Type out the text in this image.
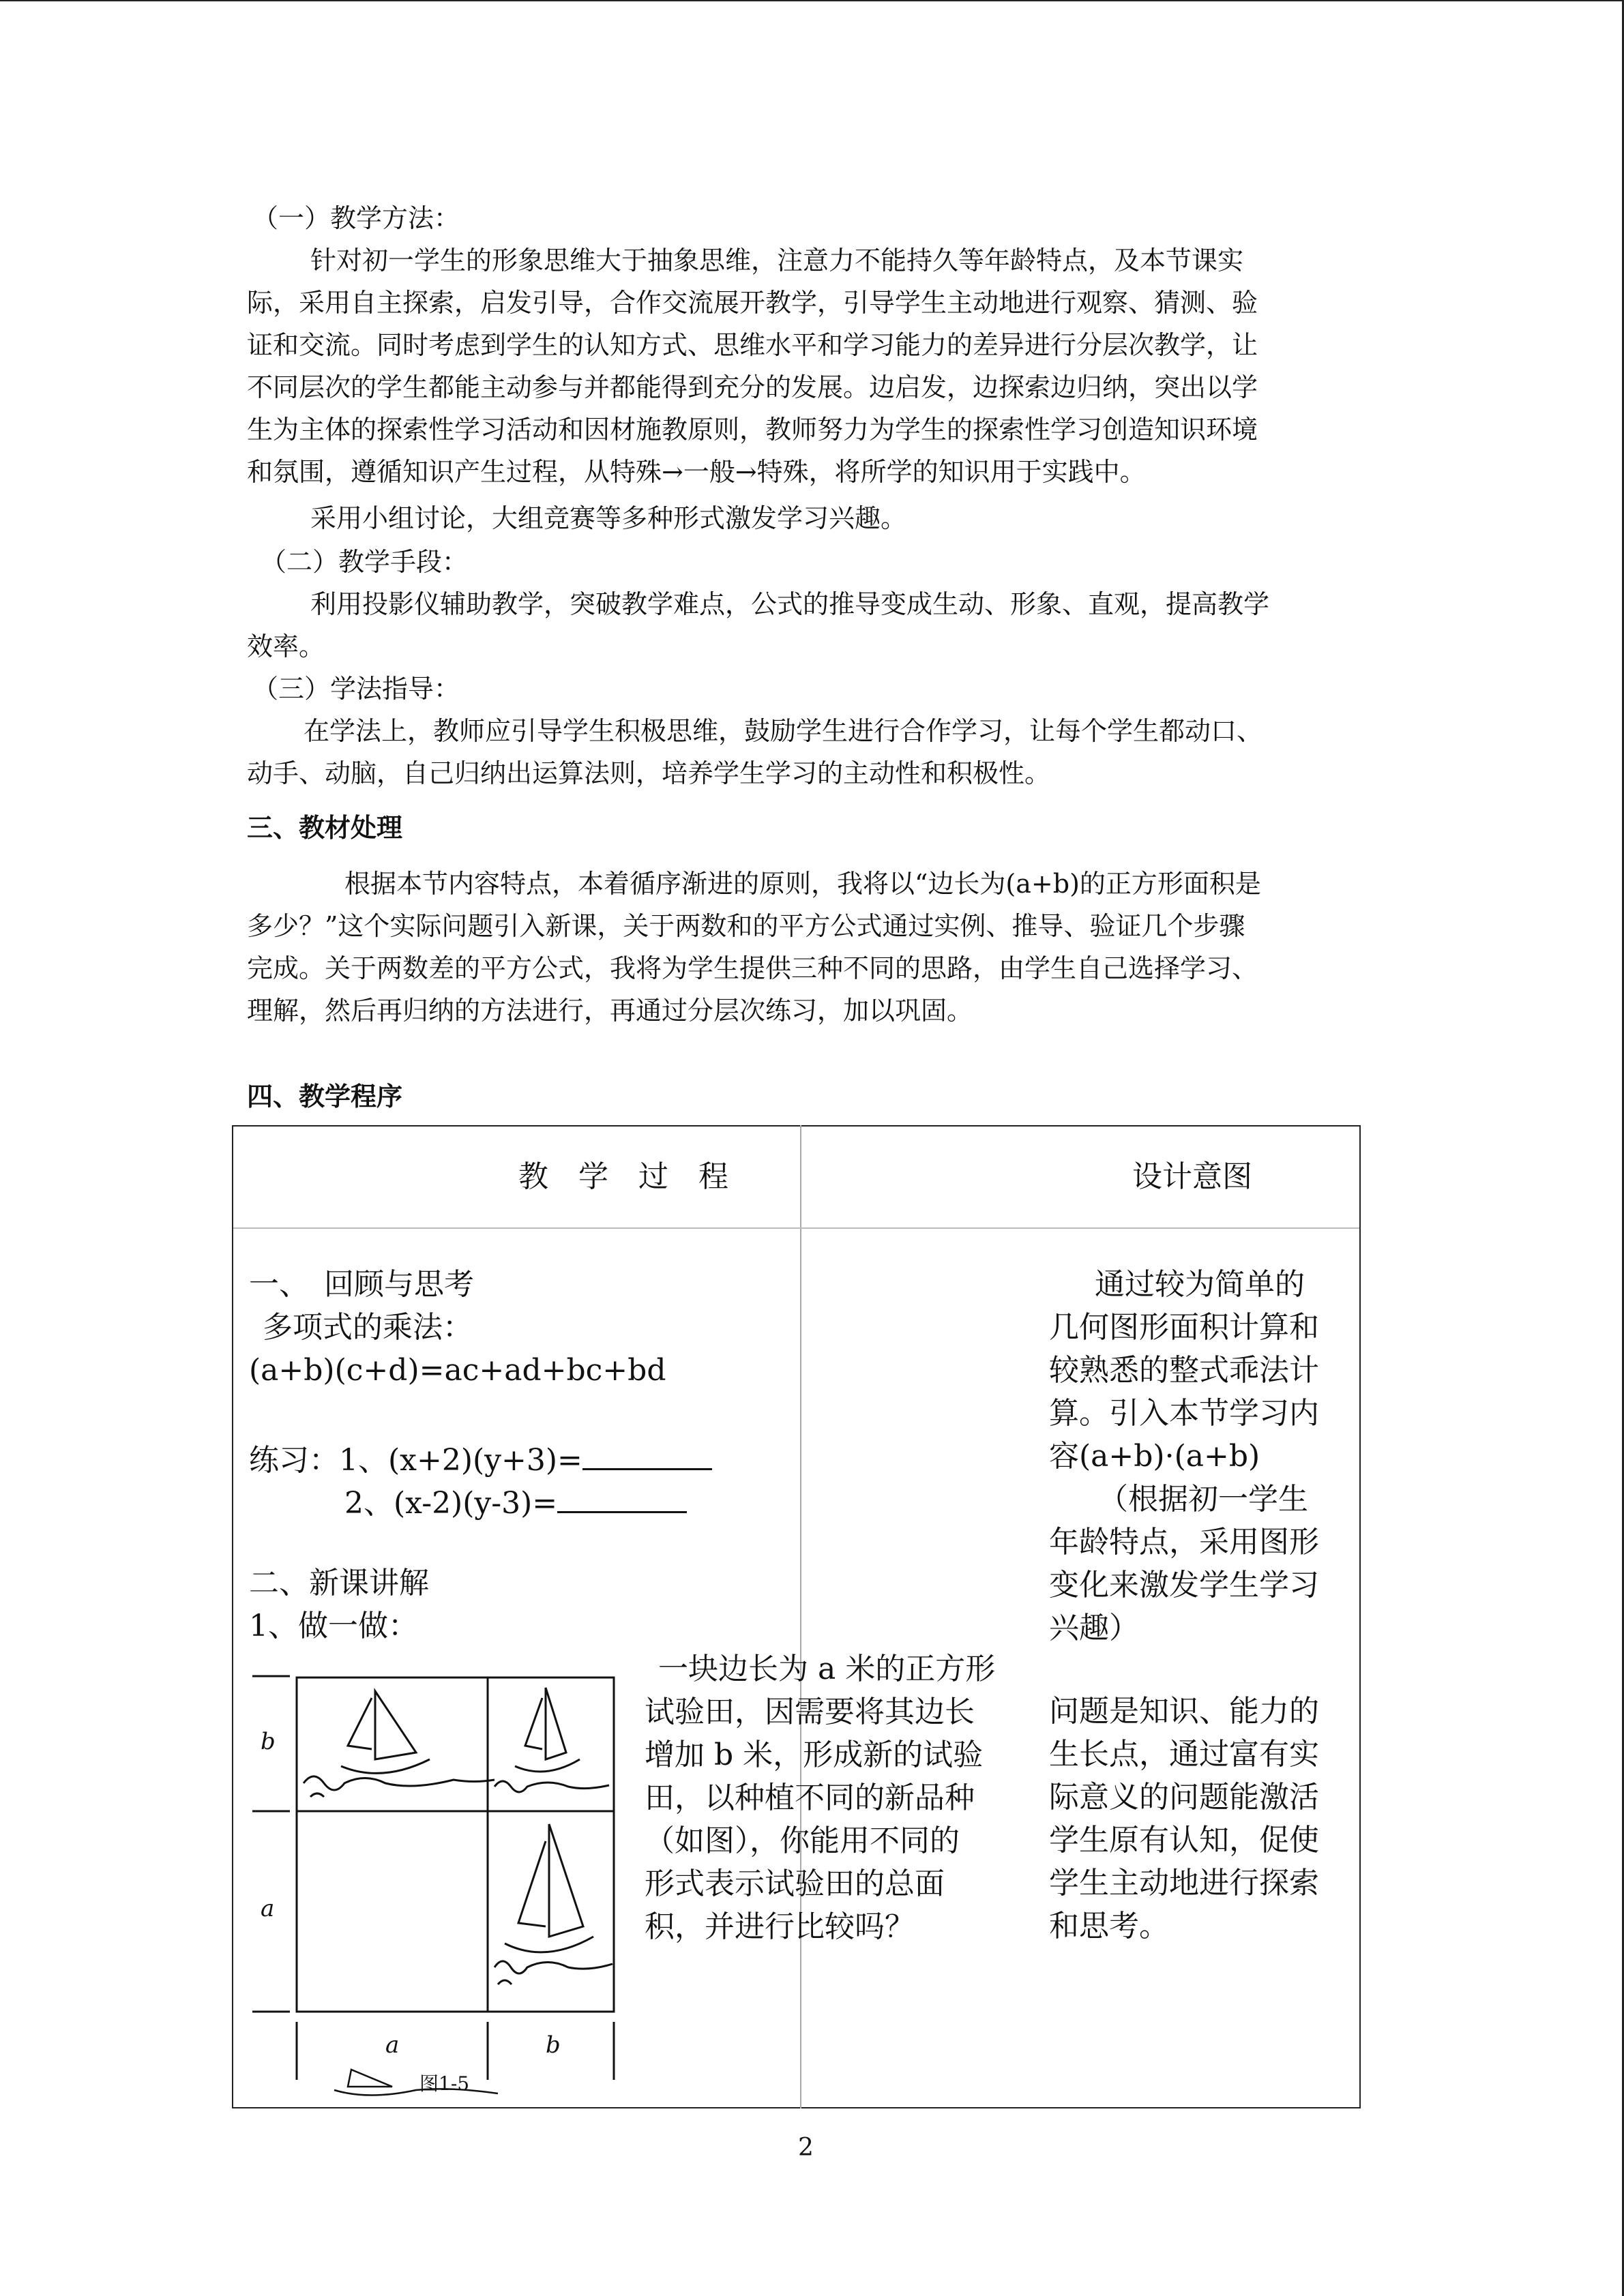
（一）教学方法：
针对初一学生的形象思维大于抽象思维，注意力不能持久等年龄特点，及本节课实
际，采用自主探索，启发引导，合作交流展开教学，引导学生主动地进行观察、猜测、验
证和交流。同时考虑到学生的认知方式、思维水平和学习能力的差异进行分层次教学，让
不同层次的学生都能主动参与并都能得到充分的发展。边启发，边探索边归纳，突出以学
生为主体的探索性学习活动和因材施教原则，教师努力为学生的探索性学习创造知识环境
和氛围，遵循知识产生过程，从特殊→一般→特殊，将所学的知识用于实践中。
采用小组讨论，大组竞赛等多种形式激发学习兴趣。
（二）教学手段：
利用投影仪辅助教学，突破教学难点，公式的推导变成生动、形象、直观，提高教学
效率。
（三）学法指导：
在学法上，教师应引导学生积极思维，鼓励学生进行合作学习，让每个学生都动口、
动手、动脑，自己归纳出运算法则，培养学生学习的主动性和积极性。
三、教材处理
根据本节内容特点，本着循序渐进的原则，我将以“边长为(a+b)的正方形面积是
多少？”这个实际问题引入新课，关于两数和的平方公式通过实例、推导、验证几个步骤
完成。关于两数差的平方公式，我将为学生提供三种不同的思路，由学生自己选择学习、
理解，然后再归纳的方法进行，再通过分层次练习，加以巩固。
四、教学程序
教　学　过　程	设计意图
一、　回顾与思考
多项式的乘法：
(a+b)(c+d)=ac+ad+bc+bd
练习：1、(x+2)(y+3)=
2、(x-2)(y-3)=
二、新课讲解
1、做一做：
一块边长为 a 米的正方形
试验田，因需要将其边长
增加 b 米，形成新的试验
田，以种植不同的新品种
（如图），你能用不同的
形式表示试验田的总面
积，并进行比较吗？
b
a
a	b
图1-5
通过较为简单的
几何图形面积计算和
较熟悉的整式乖法计
算。引入本节学习内
容(a+b)·(a+b)
（根据初一学生
年龄特点，采用图形
变化来激发学生学习
兴趣）
问题是知识、能力的
生长点，通过富有实
际意义的问题能激活
学生原有认知，促使
学生主动地进行探索
和思考。
2
